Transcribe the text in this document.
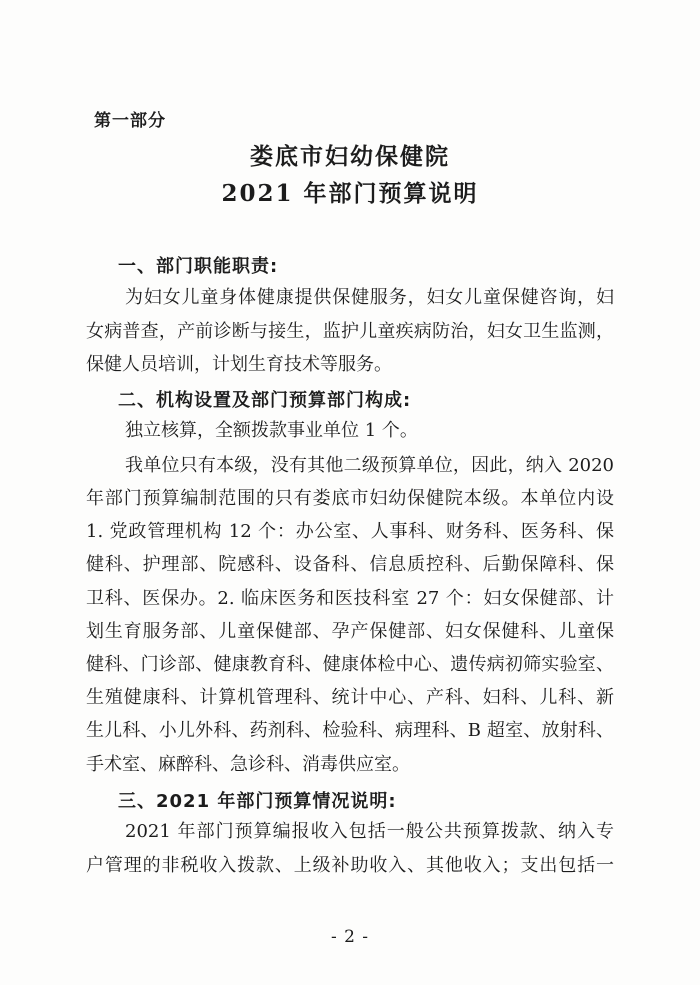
第一部分
娄底市妇幼保健院
2021 年部门预算说明
一、部门职能职责:
为妇女儿童身体健康提供保健服务，妇女儿童保健咨询，妇
女病普查，产前诊断与接生，监护儿童疾病防治，妇女卫生监测，
保健人员培训，计划生育技术等服务。
二、机构设置及部门预算部门构成:
独立核算，全额拨款事业单位 1 个。
我单位只有本级，没有其他二级预算单位，因此，纳入 2020
年部门预算编制范围的只有娄底市妇幼保健院本级。本单位内设
1. 党政管理机构 12 个：办公室、人事科、财务科、医务科、保
健科、护理部、院感科、设备科、信息质控科、后勤保障科、保
卫科、医保办。2. 临床医务和医技科室 27 个：妇女保健部、计
划生育服务部、儿童保健部、孕产保健部、妇女保健科、儿童保
健科、门诊部、健康教育科、健康体检中心、遗传病初筛实验室、
生殖健康科、计算机管理科、统计中心、产科、妇科、儿科、新
生儿科、小儿外科、药剂科、检验科、病理科、B 超室、放射科、
手术室、麻醉科、急诊科、消毒供应室。
三、2021 年部门预算情况说明:
2021 年部门预算编报收入包括一般公共预算拨款、纳入专
户管理的非税收入拨款、上级补助收入、其他收入；支出包括一
- 2 -
